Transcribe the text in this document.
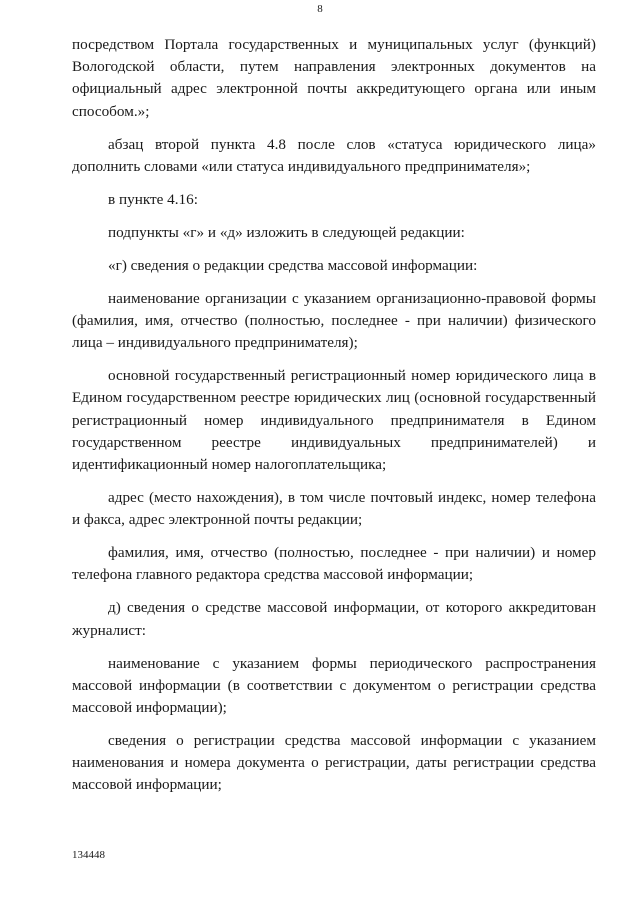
8

посредством Портала государственных и муниципальных услуг (функций) Вологодской области, путем направления электронных документов на официальный адрес электронной почты аккредитующего органа или иным способом.»;

абзац второй пункта 4.8 после слов «статуса юридического лица» дополнить словами «или статуса индивидуального предпринимателя»;

в пункте 4.16:

подпункты «г» и «д» изложить в следующей редакции:

«г) сведения о редакции средства массовой информации:

наименование организации с указанием организационно-правовой формы (фамилия, имя, отчество (полностью, последнее - при наличии) физического лица – индивидуального предпринимателя);

основной государственный регистрационный номер юридического лица в Едином государственном реестре юридических лиц (основной государственный регистрационный номер индивидуального предпринимателя в Едином государственном реестре индивидуальных предпринимателей) и идентификационный номер налогоплательщика;

адрес (место нахождения), в том числе почтовый индекс, номер телефона и факса, адрес электронной почты редакции;

фамилия, имя, отчество (полностью, последнее - при наличии) и номер телефона главного редактора средства массовой информации;

д) сведения о средстве массовой информации, от которого аккредитован журналист:

наименование с указанием формы периодического распространения массовой информации (в соответствии с документом о регистрации средства массовой информации);

сведения о регистрации средства массовой информации с указанием наименования и номера документа о регистрации, даты регистрации средства массовой информации;

134448
